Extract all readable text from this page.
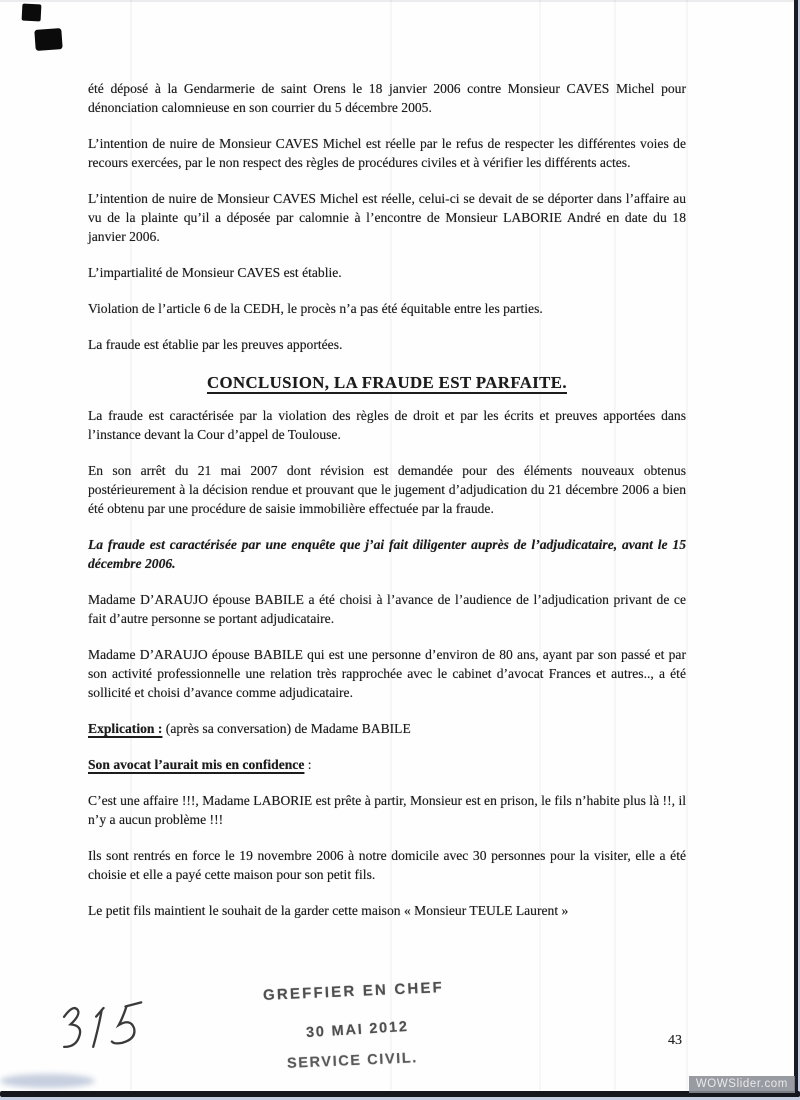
été déposé à la Gendarmerie de saint Orens le 18 janvier 2006 contre Monsieur CAVES Michel pour dénonciation calomnieuse en son courrier du 5 décembre 2005.

L’intention de nuire de Monsieur CAVES Michel est réelle par le refus de respecter les différentes voies de recours exercées, par le non respect des règles de procédures civiles et à vérifier les différents actes.

L’intention de nuire de Monsieur CAVES Michel est réelle, celui-ci se devait de se déporter dans l’affaire au vu de la plainte qu’il a déposée par calomnie à l’encontre de Monsieur LABORIE André en date du 18 janvier 2006.

L’impartialité de Monsieur CAVES est établie.

Violation de l’article 6 de la CEDH, le procès n’a pas été équitable entre les parties.

La fraude est établie par les preuves apportées.

CONCLUSION, LA FRAUDE EST PARFAITE.

La fraude est caractérisée par la violation des règles de droit et par les écrits et preuves apportées dans l’instance devant la Cour d’appel de Toulouse.

En son arrêt du 21 mai 2007 dont révision est demandée pour des éléments nouveaux obtenus postérieurement à la décision rendue et prouvant que le jugement d’adjudication du 21 décembre 2006 a bien été obtenu par une procédure de saisie immobilière effectuée par la fraude.

La fraude est caractérisée par une enquête que j’ai fait diligenter auprès de l’adjudicataire, avant le 15 décembre 2006.

Madame D’ARAUJO épouse BABILE a été choisi à l’avance de l’audience de l’adjudication privant de ce fait d’autre personne se portant adjudicataire.

Madame D’ARAUJO épouse BABILE qui est une personne d’environ de 80 ans, ayant par son passé et par son activité professionnelle une relation très rapprochée avec le cabinet d’avocat Frances et autres.., a été sollicité et choisi d’avance comme adjudicataire.

Explication : (après sa conversation) de Madame BABILE

Son avocat l’aurait mis en confidence :

C’est une affaire !!!, Madame LABORIE est prête à partir, Monsieur est en prison, le fils n’habite plus là !!, il n’y a aucun problème !!!

Ils sont rentrés en force le 19 novembre 2006 à notre domicile avec 30 personnes pour la visiter, elle a été choisie et elle a payé cette maison pour son petit fils.

Le petit fils maintient le souhait de la garder cette maison « Monsieur TEULE Laurent »

GREFFIER EN CHEF
30 MAI 2012
SERVICE CIVIL.
43
WOWSlider.com
